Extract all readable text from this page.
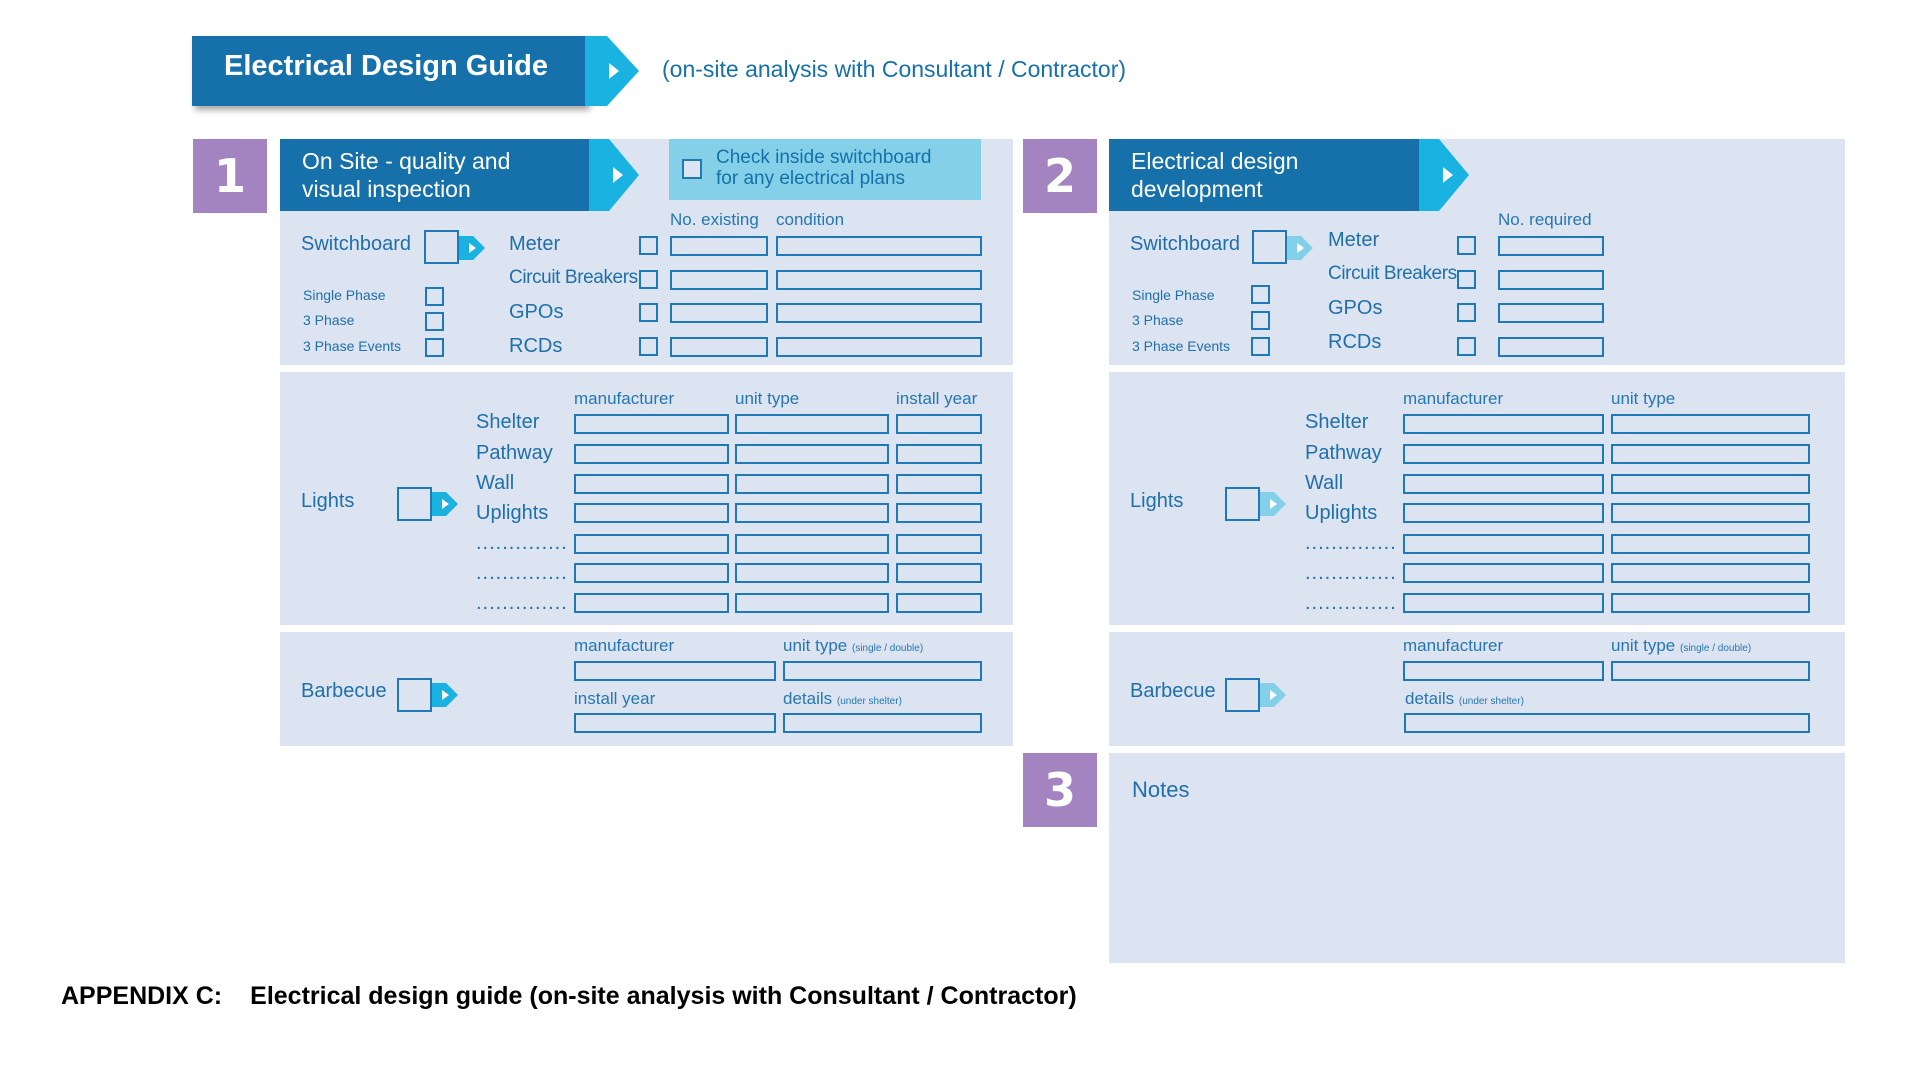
Electrical Design Guide	(on-site analysis with Consultant / Contractor)
1	On Site - quality and
visual inspection
Check inside switchboard
for any electrical plans
Switchboard
Single Phase
3 Phase
3 Phase Events
No. existing condition
Meter
Circuit Breakers
GPOs
RCDs
Lights
manufacturer	unit type	install year
Shelter
Pathway
Wall
Uplights
..............
..............
..............
Barbecue
manufacturer	unit type (single / double)
install year	details (under shelter)
2	Electrical design
development
Switchboard
Single Phase
3 Phase
3 Phase Events
No. required
Meter
Circuit Breakers
GPOs
RCDs
Lights
manufacturer	unit type
Shelter
Pathway
Wall
Uplights
..............
..............
..............
Barbecue
manufacturer	unit type (single / double)
details (under shelter)
3	Notes
APPENDIX C: Electrical design guide (on-site analysis with Consultant / Contractor)
